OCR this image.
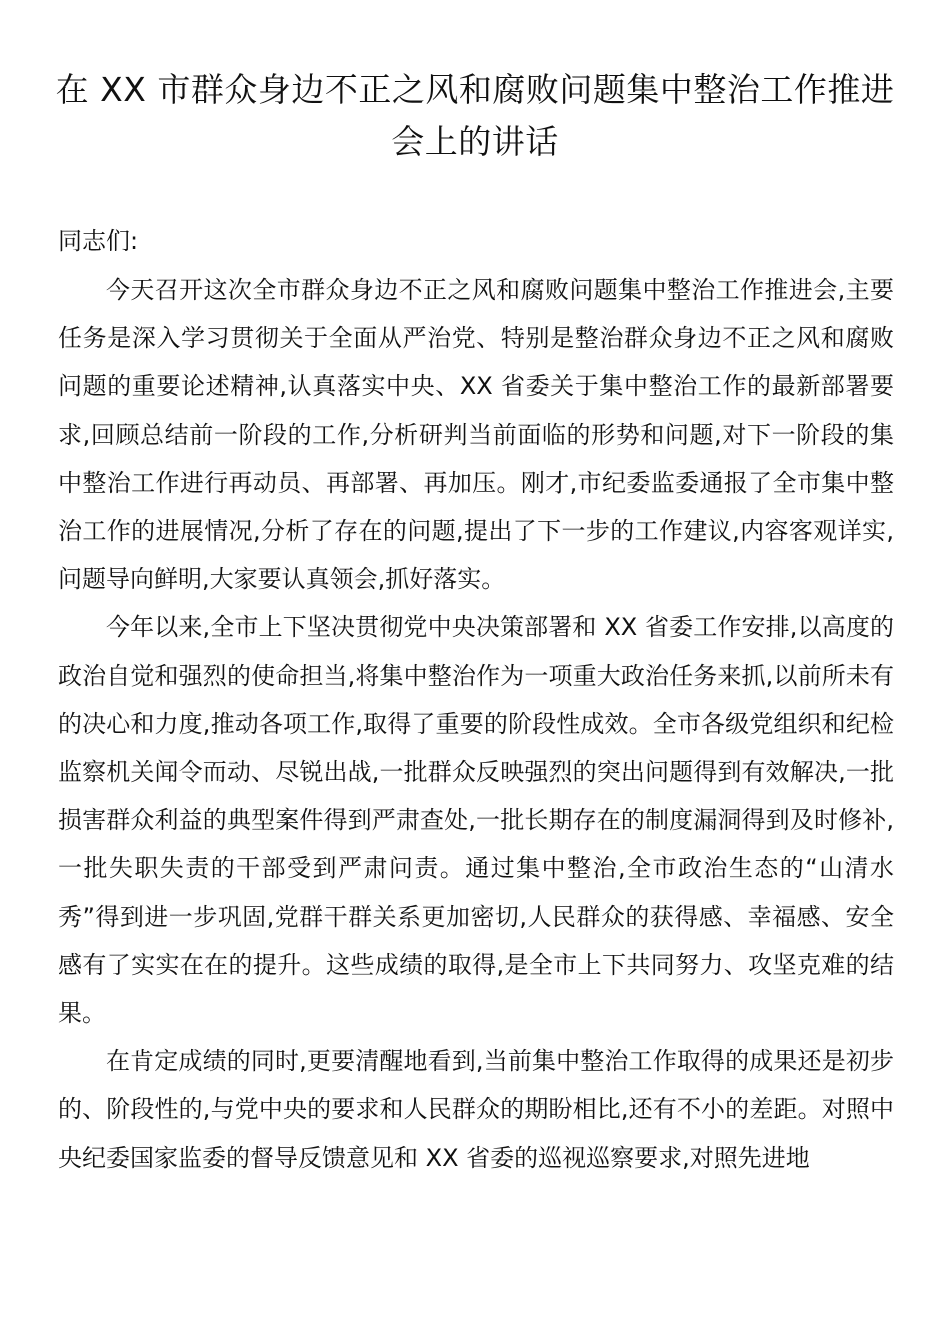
在 XX 市群众身边不正之风和腐败问题集中整治工作推进会上的讲话

同志们:

今天召开这次全市群众身边不正之风和腐败问题集中整治工作推进会,主要任务是深入学习贯彻关于全面从严治党、特别是整治群众身边不正之风和腐败问题的重要论述精神,认真落实中央、XX 省委关于集中整治工作的最新部署要求,回顾总结前一阶段的工作,分析研判当前面临的形势和问题,对下一阶段的集中整治工作进行再动员、再部署、再加压。刚才,市纪委监委通报了全市集中整治工作的进展情况,分析了存在的问题,提出了下一步的工作建议,内容客观详实,问题导向鲜明,大家要认真领会,抓好落实。

今年以来,全市上下坚决贯彻党中央决策部署和 XX 省委工作安排,以高度的政治自觉和强烈的使命担当,将集中整治作为一项重大政治任务来抓,以前所未有的决心和力度,推动各项工作,取得了重要的阶段性成效。全市各级党组织和纪检监察机关闻令而动、尽锐出战,一批群众反映强烈的突出问题得到有效解决,一批损害群众利益的典型案件得到严肃查处,一批长期存在的制度漏洞得到及时修补,一批失职失责的干部受到严肃问责。通过集中整治,全市政治生态的“山清水秀”得到进一步巩固,党群干群关系更加密切,人民群众的获得感、幸福感、安全感有了实实在在的提升。这些成绩的取得,是全市上下共同努力、攻坚克难的结果。

在肯定成绩的同时,更要清醒地看到,当前集中整治工作取得的成果还是初步的、阶段性的,与党中央的要求和人民群众的期盼相比,还有不小的差距。对照中央纪委国家监委的督导反馈意见和 XX 省委的巡视巡察要求,对照先进地
